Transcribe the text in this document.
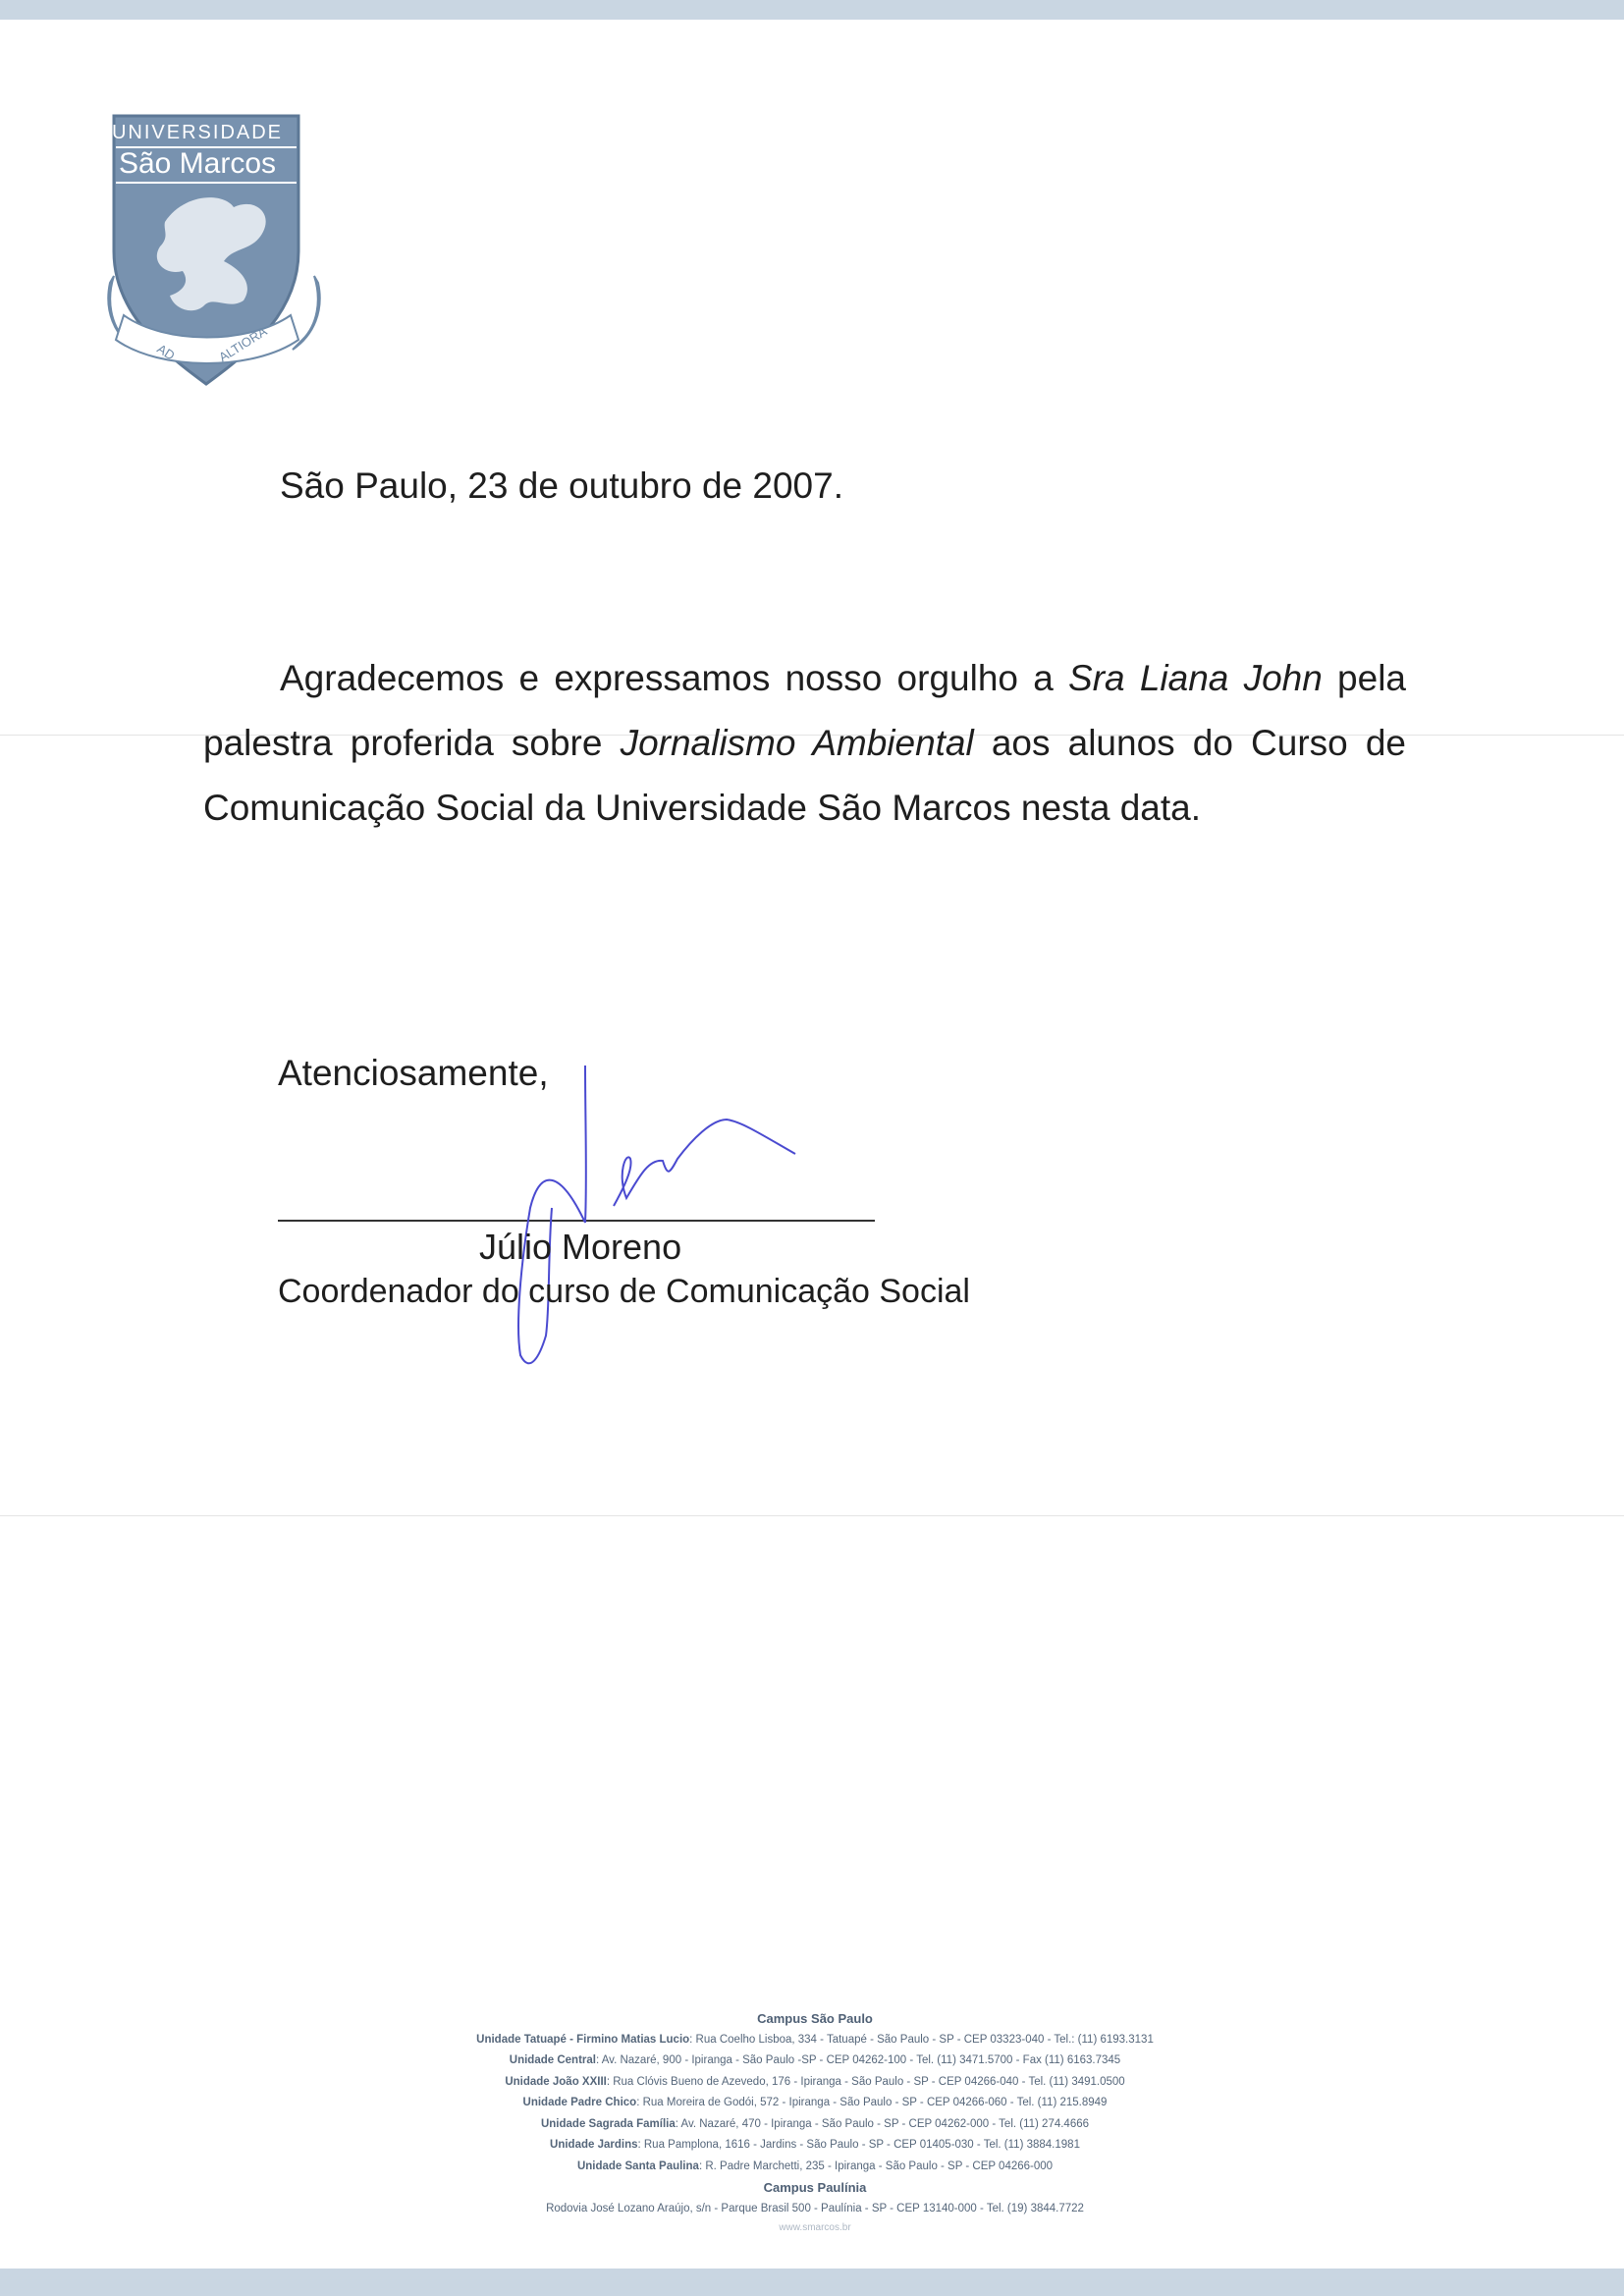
UNIVERSIDADE
São Marcos
AD	ALTIORA
São Paulo, 23 de outubro de 2007.
Agradecemos e expressamos nosso orgulho a Sra Liana John pela palestra proferida sobre Jornalismo Ambiental aos alunos do Curso de Comunicação Social da Universidade São Marcos nesta data.
Atenciosamente,
Júlio Moreno
Coordenador do curso de Comunicação Social
Campus São Paulo
Unidade Tatuapé - Firmino Matias Lucio: Rua Coelho Lisboa, 334 - Tatuapé - São Paulo - SP - CEP 03323-040 - Tel.: (11) 6193.3131
Unidade Central: Av. Nazaré, 900 - Ipiranga - São Paulo -SP - CEP 04262-100 - Tel. (11) 3471.5700 - Fax (11) 6163.7345
Unidade João XXIII: Rua Clóvis Bueno de Azevedo, 176 - Ipiranga - São Paulo - SP - CEP 04266-040 - Tel. (11) 3491.0500
Unidade Padre Chico: Rua Moreira de Godói, 572 - Ipiranga - São Paulo - SP - CEP 04266-060 - Tel. (11) 215.8949
Unidade Sagrada Família: Av. Nazaré, 470 - Ipiranga - São Paulo - SP - CEP 04262-000 - Tel. (11) 274.4666
Unidade Jardins: Rua Pamplona, 1616 - Jardins - São Paulo - SP - CEP 01405-030 - Tel. (11) 3884.1981
Unidade Santa Paulina: R. Padre Marchetti, 235 - Ipiranga - São Paulo - SP - CEP 04266-000
Campus Paulínia
Rodovia José Lozano Araújo, s/n - Parque Brasil 500 - Paulínia - SP - CEP 13140-000 - Tel. (19) 3844.7722
www.smarcos.br
